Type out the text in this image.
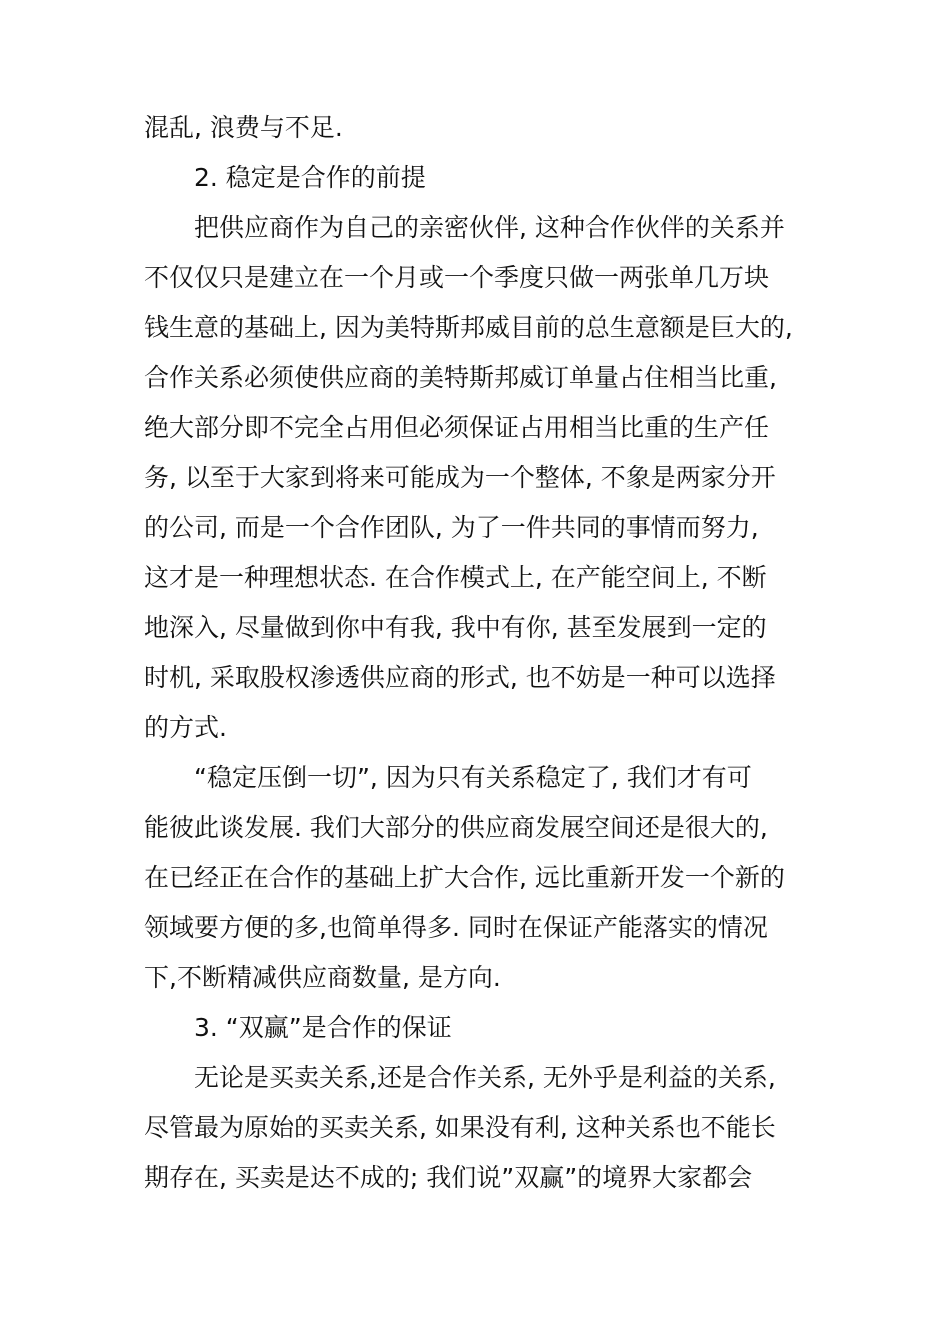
混乱, 浪费与不足.
2. 稳定是合作的前提
把供应商作为自己的亲密伙伴, 这种合作伙伴的关系并
不仅仅只是建立在一个月或一个季度只做一两张单几万块
钱生意的基础上, 因为美特斯邦威目前的总生意额是巨大的,
合作关系必须使供应商的美特斯邦威订单量占住相当比重,
绝大部分即不完全占用但必须保证占用相当比重的生产任
务, 以至于大家到将来可能成为一个整体, 不象是两家分开
的公司, 而是一个合作团队, 为了一件共同的事情而努力,
这才是一种理想状态. 在合作模式上, 在产能空间上, 不断
地深入, 尽量做到你中有我, 我中有你, 甚至发展到一定的
时机, 采取股权渗透供应商的形式, 也不妨是一种可以选择
的方式.
“稳定压倒一切”, 因为只有关系稳定了, 我们才有可
能彼此谈发展. 我们大部分的供应商发展空间还是很大的,
在已经正在合作的基础上扩大合作, 远比重新开发一个新的
领域要方便的多,也简单得多. 同时在保证产能落实的情况
下,不断精减供应商数量, 是方向.
3. “双赢”是合作的保证
无论是买卖关系,还是合作关系, 无外乎是利益的关系,
尽管最为原始的买卖关系, 如果没有利, 这种关系也不能长
期存在, 买卖是达不成的; 我们说”双赢”的境界大家都会
